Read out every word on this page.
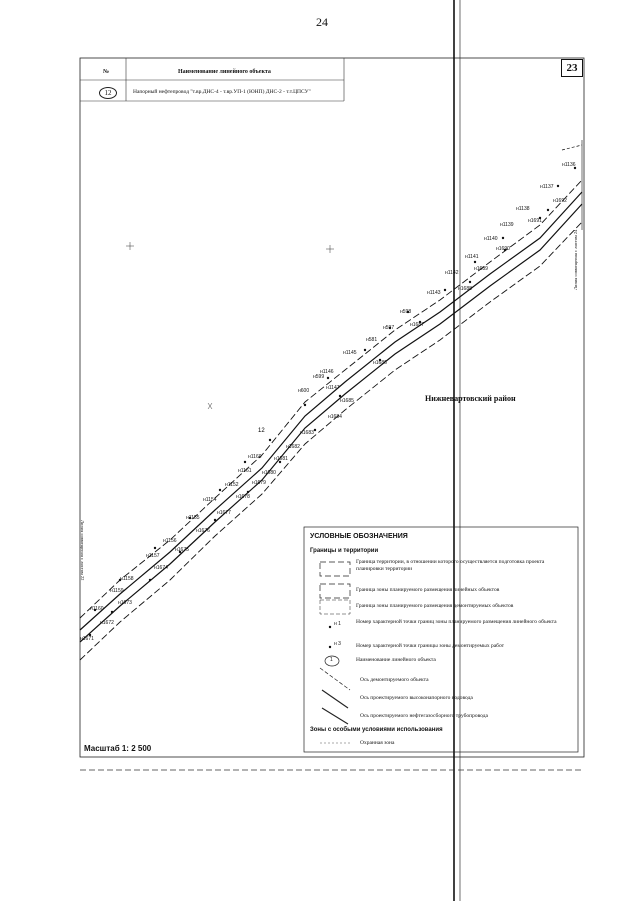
н1136
н1137
н1138
н1139
н1140
н1141
н1142
н1143
н598
н597
н581
н1145
н1146
н1147
н600
н599
н1160
н1161
н1152
н1154
н1155
н1156
н1157
н1158
н1159
н1160
н1692
н1691
н1690
н1689
н1688
н1687
н1686
н1685
н1684
н1683
н1682
н1681
н1680
н1679
н1678
н1677
н1676
н1675
н1674
н1673
н1672
н1671
12
24
23
№	Наименование линейного объекта
12	Напорный нефтепровод "т.вр.ДНС-4 - т.вр.УП-1 (ЮНП) ДНС-2 - т.т.ЦПСУ"
Нижневартовский район
Масштаб 1: 2 500
Линия совмещения с листом 22
Линия совмещения с листом 24
УСЛОВНЫЕ ОБОЗНАЧЕНИЯ
Границы и территории
Граница территории, в отношении которого осуществляется подготовка проекта планировки территории
Граница зоны планируемого размещения линейных объектов
Граница зоны планируемого размещения демонтируемых объектов
н 1	Номер характерной точки границ зоны планируемого размещения линейного объекта
н 3	Номер характерной точки границы зоны демонтируемых работ
1	Наименование линейного объекта
Ось демонтируемого объекта
Ось проектируемого высоконапорного водовода
Ось проектируемого нефтегазосборного трубопровода
Зоны с особыми условиями использования
Охранная зона
